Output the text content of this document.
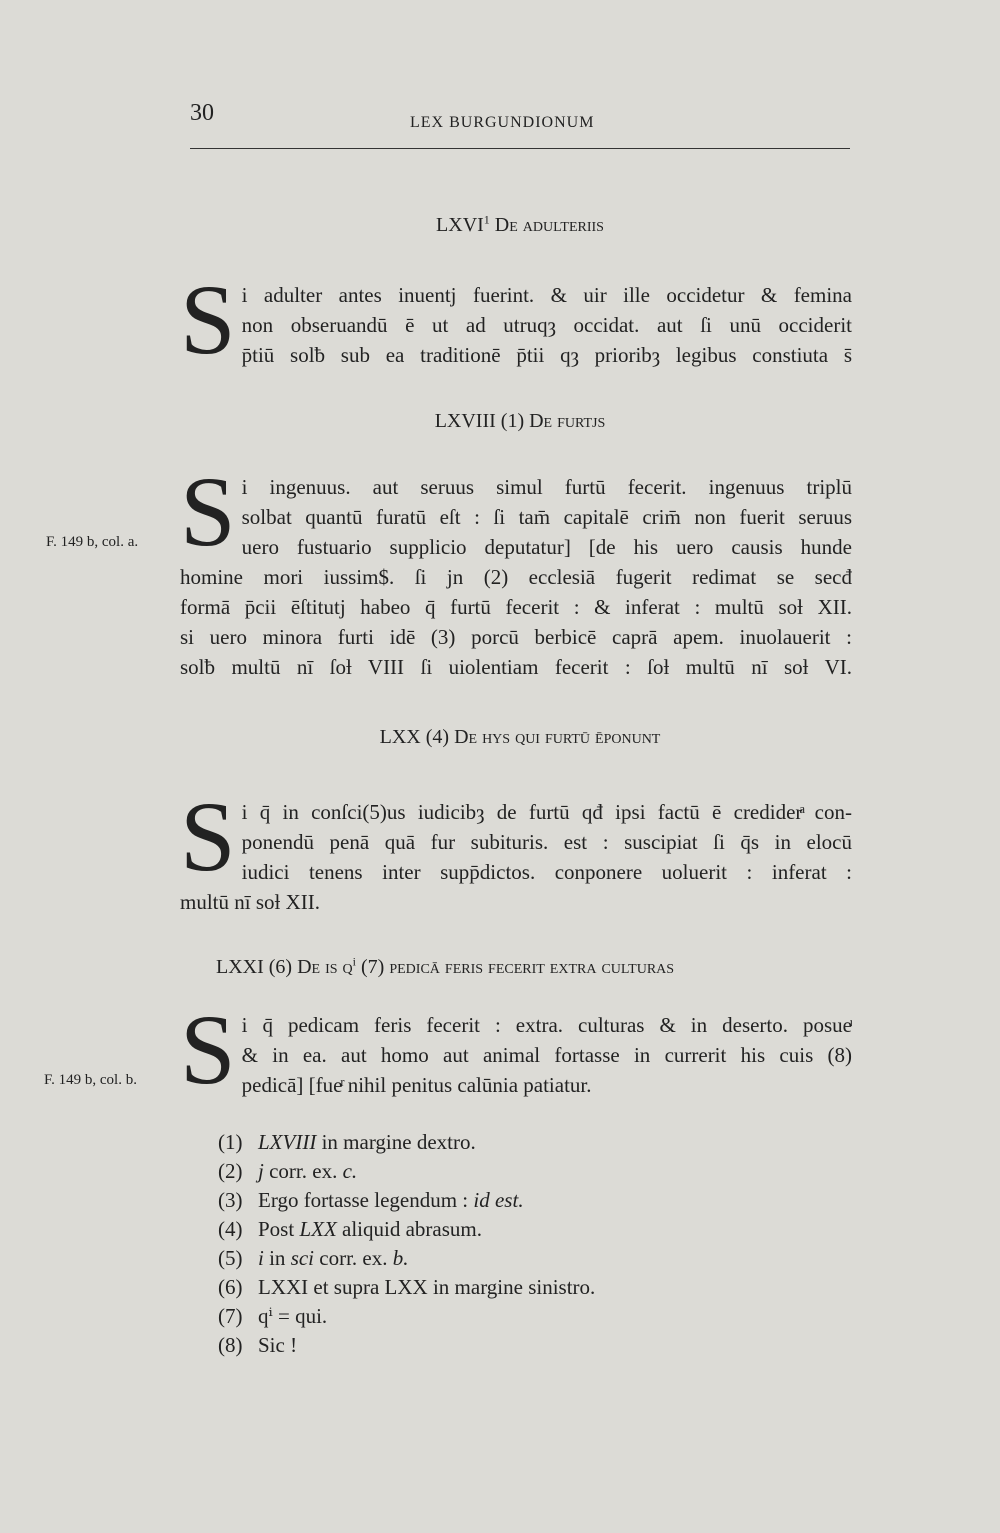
30	LEX BURGUNDIONUM
LXVI$^1$ De adulteriis
S i adulter antes inuentj fuerint. & uir ille occidetur & femina
non obseruandū ē ut ad utruqȝ occidat. aut ſi unū occiderit
p̄tiū solƀ sub ea traditionē p̄tii qȝ prioribȝ legibus constiuta s̄
LXVIII (1) De furtjs
S i ingenuus. aut seruus simul furtū fecerit. ingenuus triplū
solbat quantū furatū eſt : ſi tam̄ capitalē crim̄ non fuerit seruus
uero fustuario supplicio deputatur] [de his uero causis hunde
homine mori iussim$. ſi jn (2) ecclesiā fugerit redimat se secđ
formā p̄cii ēſtitutj habeo q̄ furtū fecerit : & inferat : multū soƚ XII.
si uero minora furti idē (3) porcū berbicē caprā apem. inuolauerit :
solƀ multū nī ſoƚ VIII ſi uiolentiam fecerit : ſoƚ multū nī soƚ VI.
F. 149 b, col. a.
LXX (4) De hys qui furtū ēponunt
S i q̄ in conſci(5)us iudicibȝ de furtū qđ ipsi factū ē crediderͣ con-
ponendū penā quā fur subituris. est : suscipiat ſi q̄s in elocū
iudici tenens inter supp̄dictos. conponere uoluerit : inferat :
multū nī soƚ XII.
LXXI (6) De is $q^i$ (7) pedicā feris fecerit extra culturas
S i q̄ pedicam feris fecerit : extra. culturas & in deserto. posueͬ
& in ea. aut homo aut animal fortasse in currerit his cuis (8)
pedicā] [fueͬ nihil penitus calūnia patiatur.
F. 149 b, col. b.
(1) LXVIII in margine dextro.
(2) j corr. ex. c.
(3) Ergo fortasse legendum : id est.
(4) Post LXX aliquid abrasum.
(5) i in sci corr. ex. b.
(6) LXXI et supra LXX in margine sinistro.
(7) qⁱ = qui.
(8) Sic !
